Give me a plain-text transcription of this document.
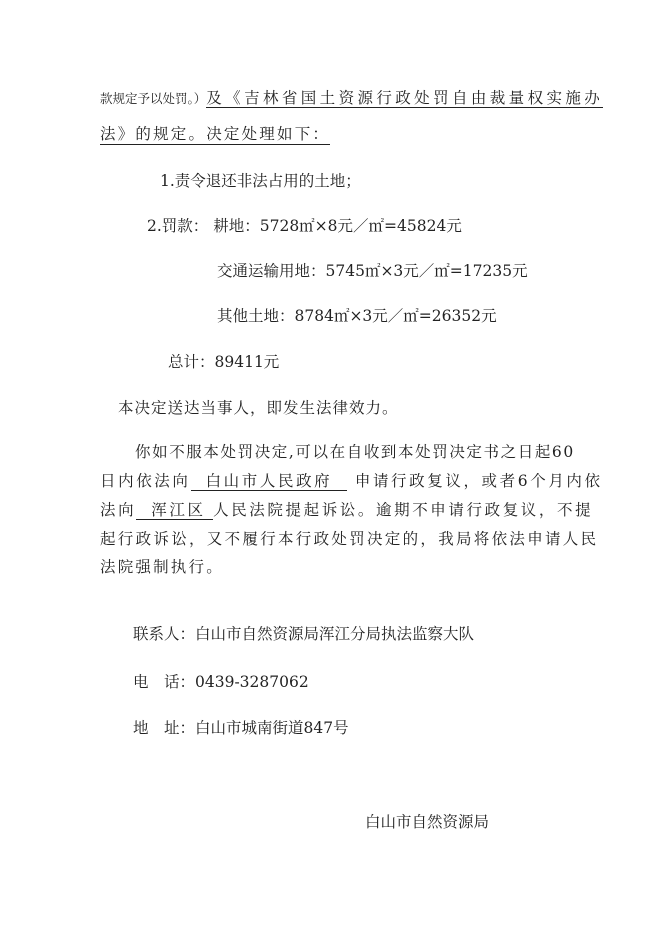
款规定予以处罚。）及《吉林省国土资源行政处罚自由裁量权实施办
法》的规定。决定处理如下：
1.责令退还非法占用的土地；
2.罚款： 耕地：5728㎡×8元／㎡=45824元
交通运输用地：5745㎡×3元／㎡=17235元
其他土地：8784㎡×3元／㎡=26352元
总计：89411元
本决定送达当事人，即发生法律效力。
你如不服本处罚决定,可以在自收到本处罚决定书之日起60
日内依法向  白山市人民政府   申请行政复议，或者6个月内依
法向  浑江区 人民法院提起诉讼。逾期不申请行政复议，不提
起行政诉讼，又不履行本行政处罚决定的，我局将依法申请人民
法院强制执行。
联系人：白山市自然资源局浑江分局执法监察大队
电　话：0439-3287062
地　址：白山市城南街道847号
白山市自然资源局
